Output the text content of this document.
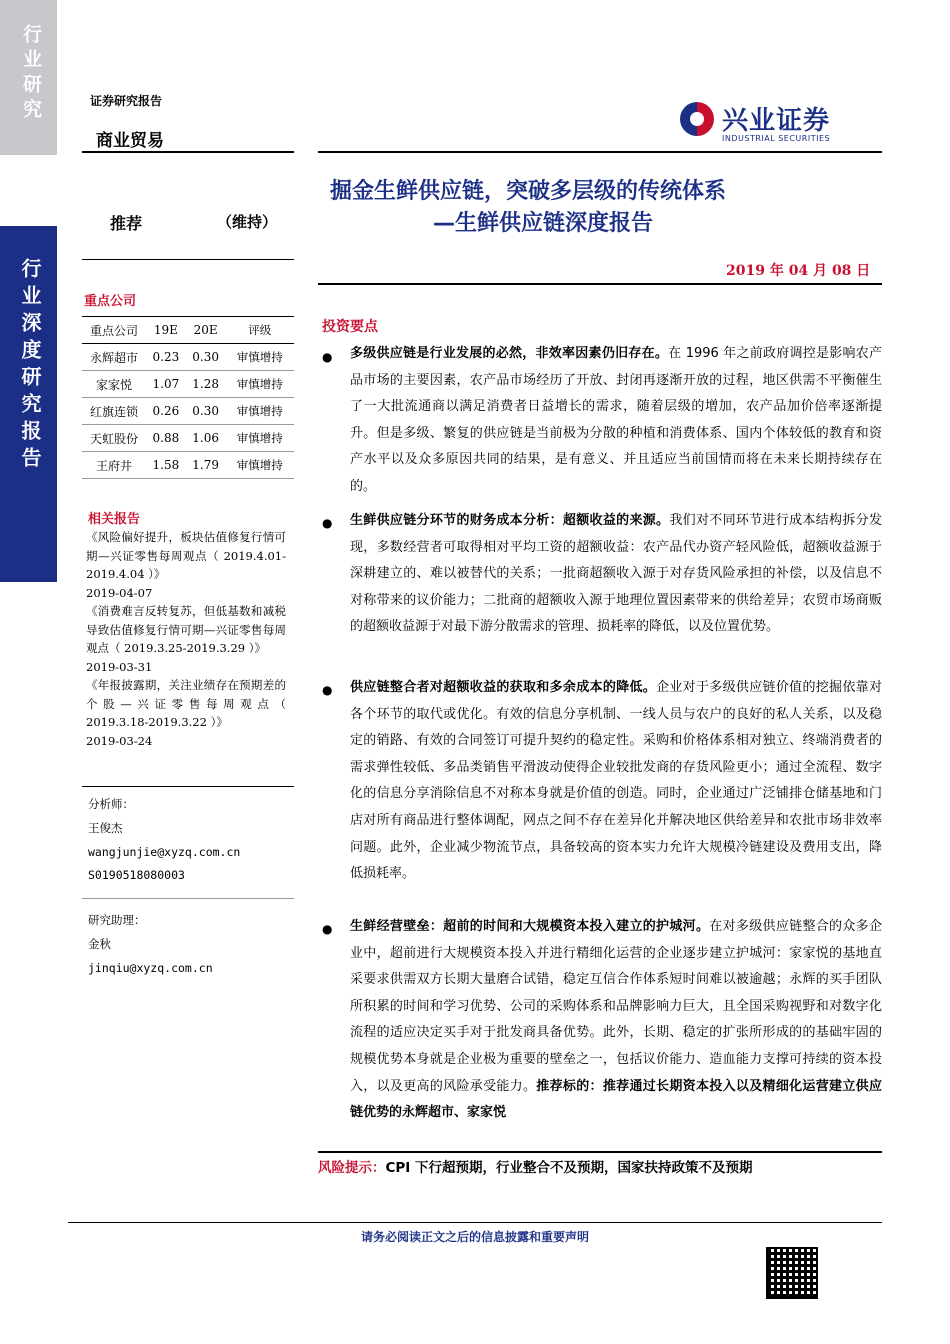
行业研究
行业深度研究报告
证券研究报告
商业贸易
兴业证券
INDUSTRIAL SECURITIES
掘金生鲜供应链，突破多层级的传统体系
—生鲜供应链深度报告
2019 年 04 月 08 日
推荐	（维持）
重点公司
重点公司	19E	20E	评级
永辉超市	0.23	0.30	审慎增持
家家悦	1.07	1.28	审慎增持
红旗连锁	0.26	0.30	审慎增持
天虹股份	0.88	1.06	审慎增持
王府井	1.58	1.79	审慎增持
相关报告
《风险偏好提升，板块估值修复行情可期—兴证零售每周观点（ 2019.4.01-2019.4.04 ）》
2019-04-07
《消费难言反转复苏，但低基数和减税导致估值修复行情可期—兴证零售每周观点（ 2019.3.25-2019.3.29 ）》
2019-03-31
《年报披露期，关注业绩存在预期差的个股—兴证零售每周观点（ 2019.3.18-2019.3.22 ）》
2019-03-24
分析师：
王俊杰
wangjunjie@xyzq.com.cn
S0190518080003
研究助理：
金秋
jinqiu@xyzq.com.cn
投资要点
● 多级供应链是行业发展的必然，非效率因素仍旧存在。在 1996 年之前政府调控是影响农产品市场的主要因素，农产品市场经历了开放、封闭再逐渐开放的过程，地区供需不平衡催生了一大批流通商以满足消费者日益增长的需求，随着层级的增加，农产品加价倍率逐渐提升。但是多级、繁复的供应链是当前极为分散的种植和消费体系、国内个体较低的教育和资产水平以及众多原因共同的结果，是有意义、并且适应当前国情而将在未来长期持续存在的。
● 生鲜供应链分环节的财务成本分析：超额收益的来源。我们对不同环节进行成本结构拆分发现，多数经营者可取得相对平均工资的超额收益：农产品代办资产轻风险低，超额收益源于深耕建立的、难以被替代的关系；一批商超额收入源于对存货风险承担的补偿，以及信息不对称带来的议价能力；二批商的超额收入源于地理位置因素带来的供给差异；农贸市场商贩的超额收益源于对最下游分散需求的管理、损耗率的降低，以及位置优势。
● 供应链整合者对超额收益的获取和多余成本的降低。企业对于多级供应链价值的挖掘依靠对各个环节的取代或优化。有效的信息分享机制、一线人员与农户的良好的私人关系，以及稳定的销路、有效的合同签订可提升契约的稳定性。采购和价格体系相对独立、终端消费者的需求弹性较低、多品类销售平滑波动使得企业较批发商的存货风险更小；通过全流程、数字化的信息分享消除信息不对称本身就是价值的创造。同时，企业通过广泛铺排仓储基地和门店对所有商品进行整体调配，网点之间不存在差异化并解决地区供给差异和农批市场非效率问题。此外，企业减少物流节点，具备较高的资本实力允许大规模冷链建设及费用支出，降低损耗率。
● 生鲜经营壁垒：超前的时间和大规模资本投入建立的护城河。在对多级供应链整合的众多企业中，超前进行大规模资本投入并进行精细化运营的企业逐步建立护城河：家家悦的基地直采要求供需双方长期大量磨合试错，稳定互信合作体系短时间难以被逾越；永辉的买手团队所积累的时间和学习优势、公司的采购体系和品牌影响力巨大，且全国采购视野和对数字化流程的适应决定买手对于批发商具备优势。此外，长期、稳定的扩张所形成的的基础牢固的规模优势本身就是企业极为重要的壁垒之一，包括议价能力、造血能力支撑可持续的资本投入，以及更高的风险承受能力。推荐标的：推荐通过长期资本投入以及精细化运营建立供应链优势的永辉超市、家家悦
风险提示：CPI 下行超预期，行业整合不及预期，国家扶持政策不及预期
请务必阅读正文之后的信息披露和重要声明
